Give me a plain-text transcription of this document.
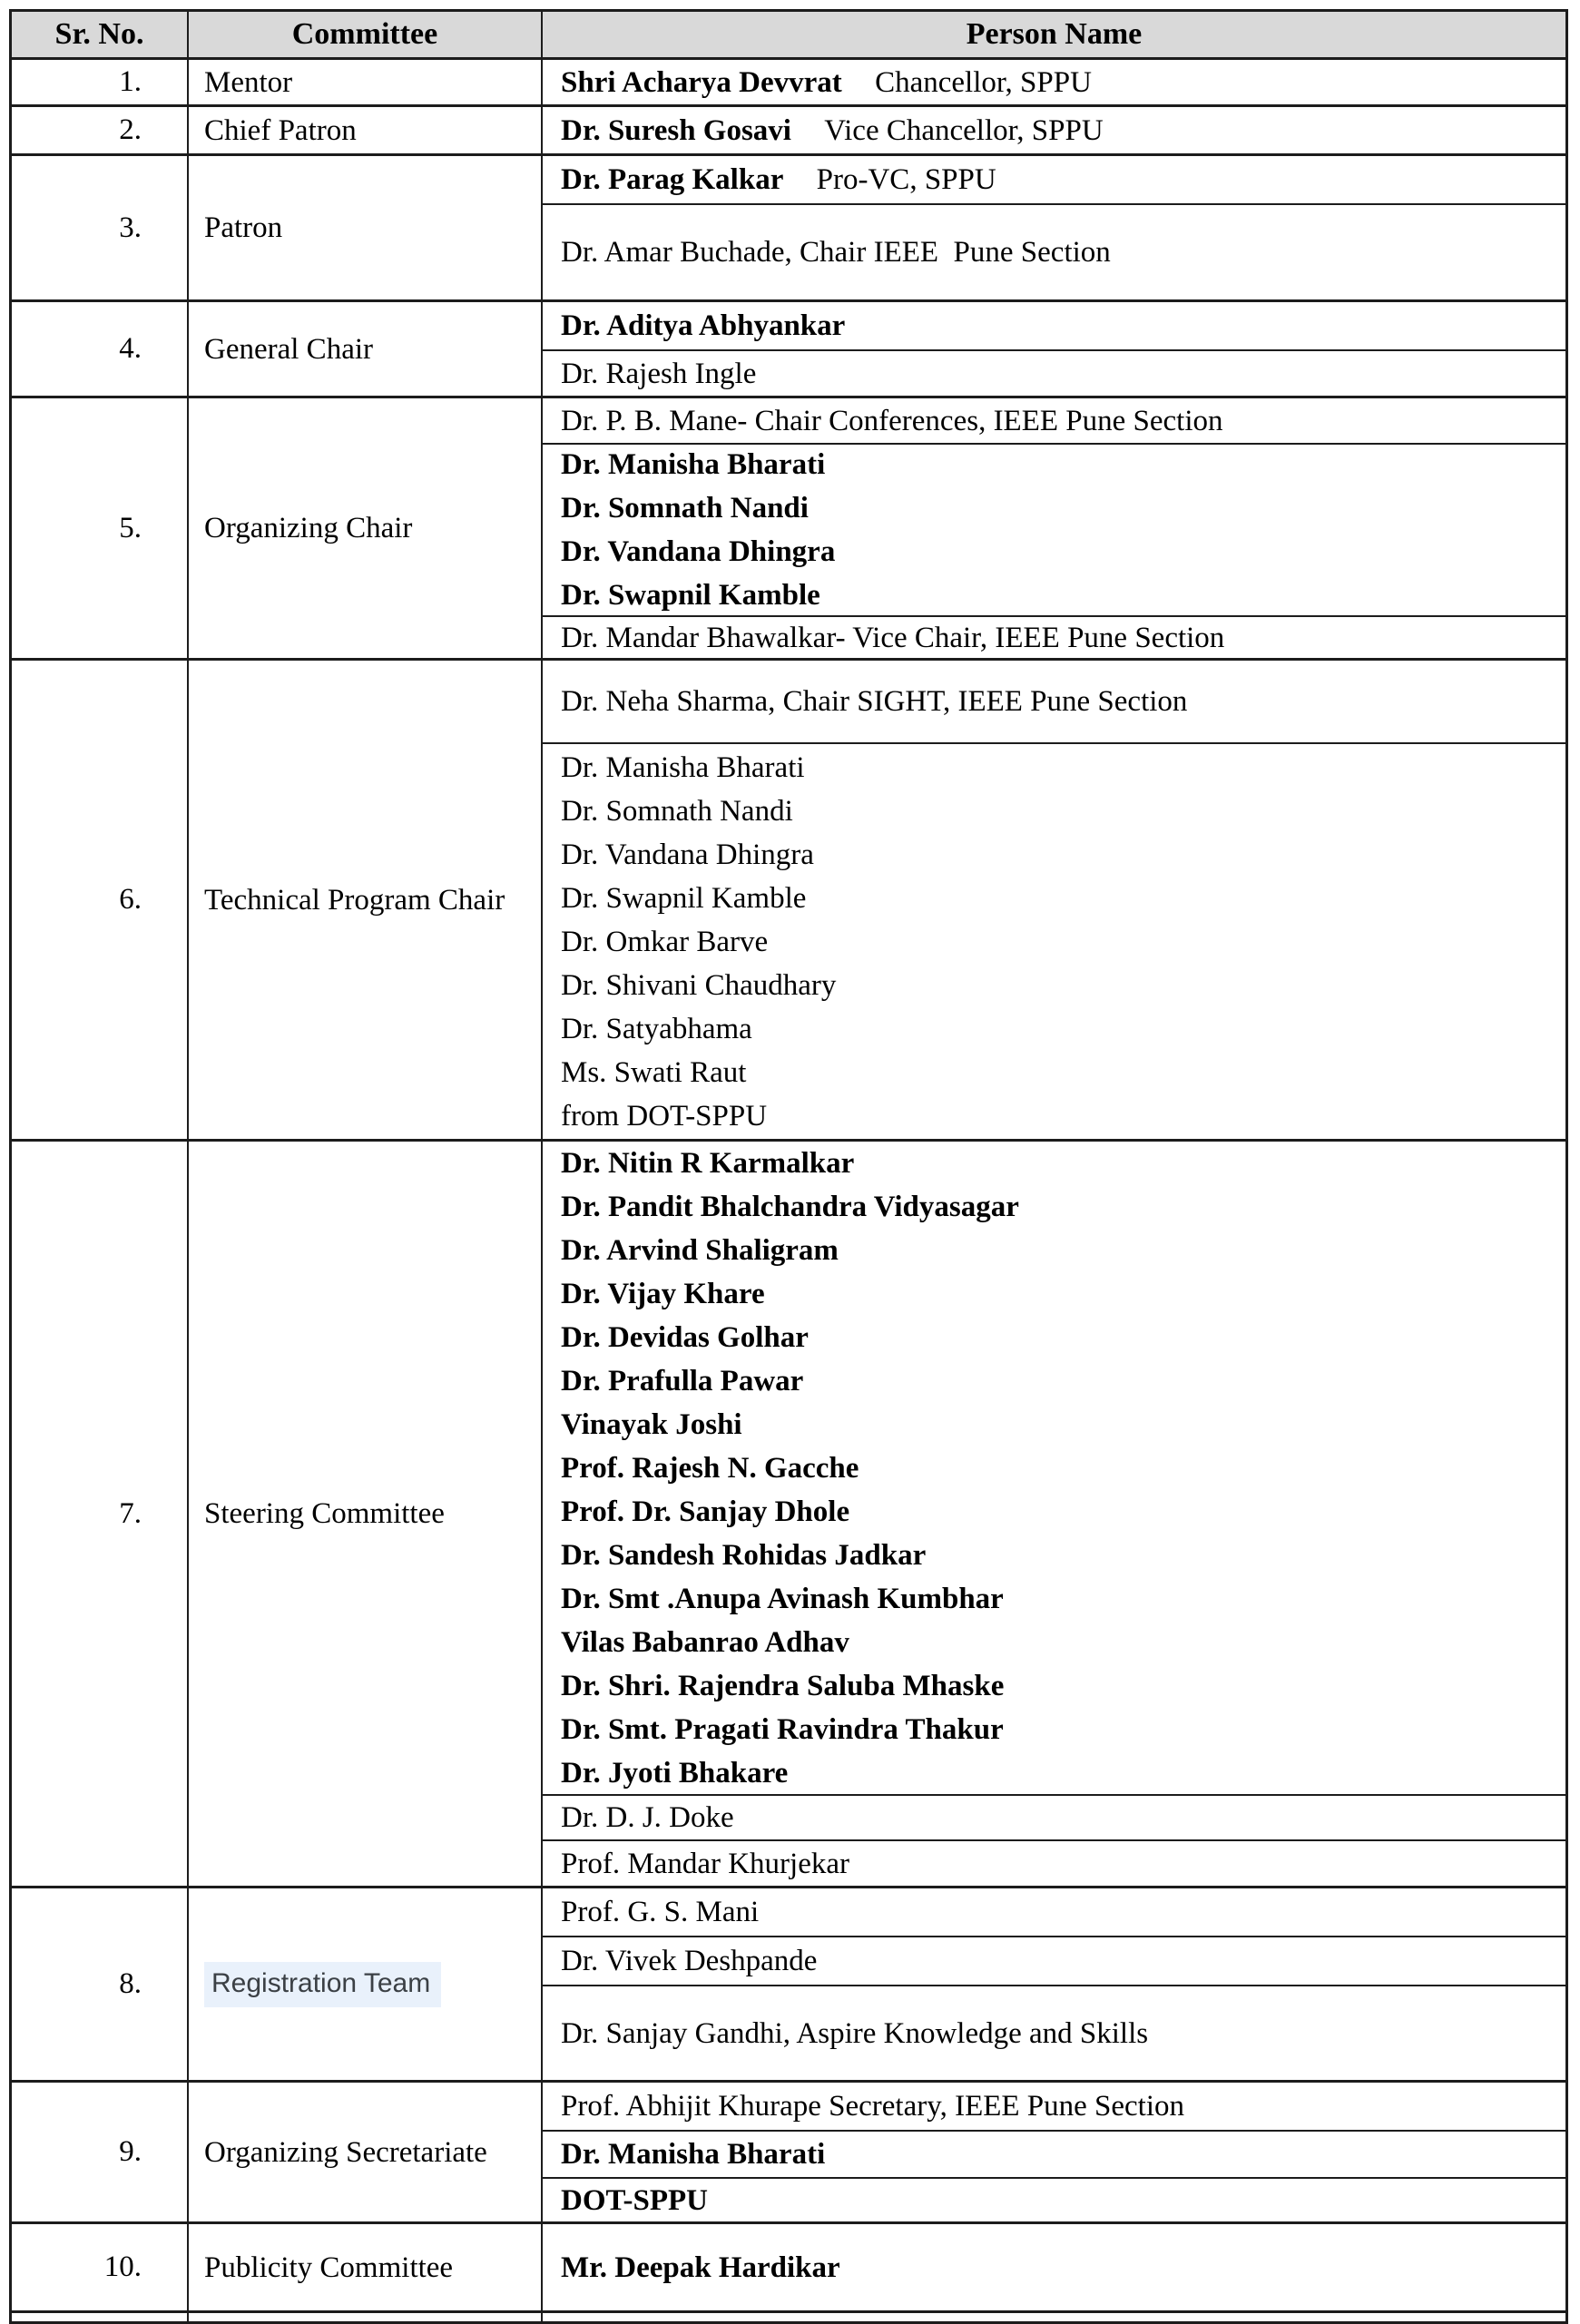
Sr. No.	Committee	Person Name
1.	Mentor	Shri Acharya Devvrat Chancellor, SPPU
2.	Chief Patron	Dr. Suresh Gosavi Vice Chancellor, SPPU
3.	Patron
Dr. Parag Kalkar Pro-VC, SPPU
Dr. Amar Buchade, Chair IEEE  Pune Section
4.	General Chair
Dr. Aditya Abhyankar
Dr. Rajesh Ingle
5.	Organizing Chair
Dr. P. B. Mane- Chair Conferences, IEEE Pune Section
Dr. Manisha Bharati
Dr. Somnath Nandi
Dr. Vandana Dhingra
Dr. Swapnil Kamble
Dr. Mandar Bhawalkar- Vice Chair, IEEE Pune Section
6.	Technical Program Chair
Dr. Neha Sharma, Chair SIGHT, IEEE Pune Section
Dr. Manisha Bharati
Dr. Somnath Nandi
Dr. Vandana Dhingra
Dr. Swapnil Kamble
Dr. Omkar Barve
Dr. Shivani Chaudhary
Dr. Satyabhama
Ms. Swati Raut
from DOT-SPPU
7.	Steering Committee
Dr. Nitin R Karmalkar
Dr. Pandit Bhalchandra Vidyasagar
Dr. Arvind Shaligram
Dr. Vijay Khare
Dr. Devidas Golhar
Dr. Prafulla Pawar
Vinayak Joshi
Prof. Rajesh N. Gacche
Prof. Dr. Sanjay Dhole
Dr. Sandesh Rohidas Jadkar
Dr. Smt .Anupa Avinash Kumbhar
Vilas Babanrao Adhav
Dr. Shri. Rajendra Saluba Mhaske
Dr. Smt. Pragati Ravindra Thakur
Dr. Jyoti Bhakare
Dr. D. J. Doke
Prof. Mandar Khurjekar
8.	Registration Team
Prof. G. S. Mani
Dr. Vivek Deshpande
Dr. Sanjay Gandhi, Aspire Knowledge and Skills
9.	Organizing Secretariate
Prof. Abhijit Khurape Secretary, IEEE Pune Section
Dr. Manisha Bharati
DOT-SPPU
10.	Publicity Committee	Mr. Deepak Hardikar
